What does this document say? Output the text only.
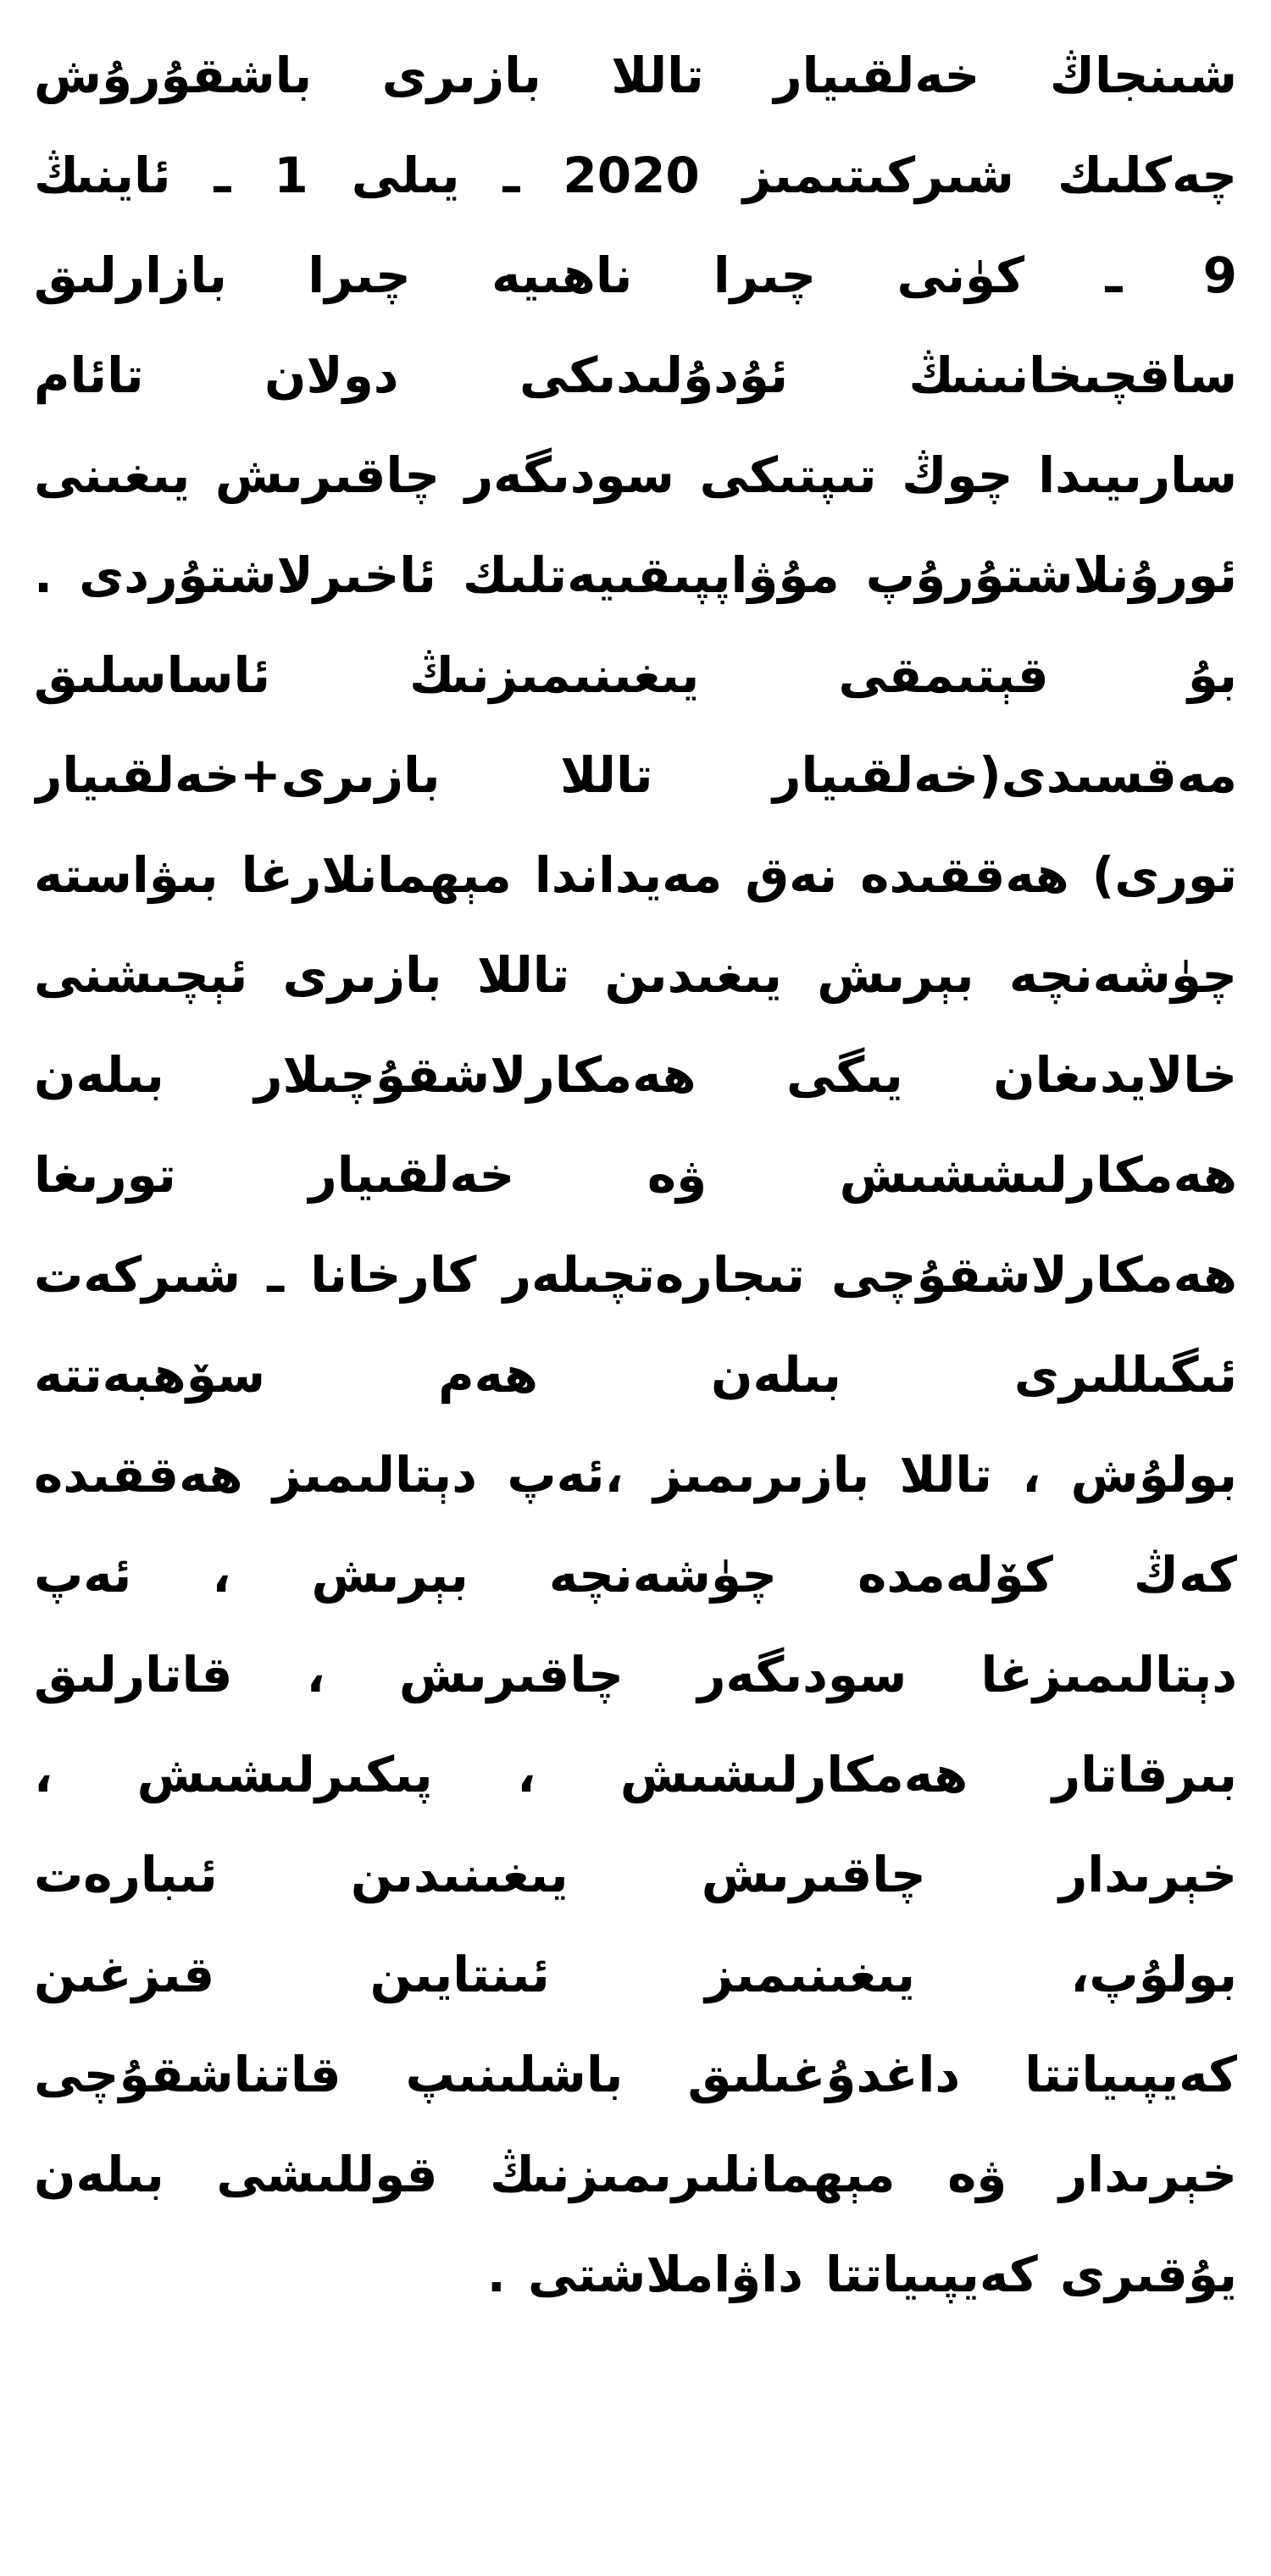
شىنجاڭ خەلقىيار تاللا بازىرى باشقۇرۇش
چەكلىك شىركىتىمىز 2020 ـ يىلى 1 ـ ئاينىڭ
9 ـ كۈنى چىرا ناھىيە چىرا بازارلىق
ساقچىخانىنىڭ ئۇدۇلىدىكى دولان تائام
سارىيىدا چوڭ تىپتىكى سودىگەر چاقىرىش يىغىنى
ئورۇنلاشتۇرۇپ مۇۋاپپىقىيەتلىك ئاخىرلاشتۇردى .
بۇ قېتىمقى يىغىنىمىزنىڭ ئاساسلىق
مەقسىدى(خەلقىيار تاللا بازىرى+خەلقىيار
تورى) ھەققىدە نەق مەيداندا مېھمانلارغا بىۋاستە
چۈشەنچە بېرىش يىغىدىن تاللا بازىرى ئېچىشنى
خالايدىغان يىگى ھەمكارلاشقۇچىلار بىلەن
ھەمكارلىششىش ۋە خەلقىيار تورىغا
ھەمكارلاشقۇچى تىجارەتچىلەر كارخانا ـ شىركەت
ئىگىللىرى بىلەن ھەم سۆھبەتتە
بولۇش ، تاللا بازىرىمىز ،ئەپ دېتالىمىز ھەققىدە
كەڭ كۆلەمدە چۈشەنچە بېرىش ، ئەپ
دېتالىمىزغا سودىگەر چاقىرىش ، قاتارلىق
بىرقاتار ھەمكارلىشىش ، پىكىرلىشىش ،
خېرىدار چاقىرىش يىغىنىدىن ئىبارەت
بولۇپ، يىغىنىمىز ئىنتايىن قىزغىن
كەيپىياتتا داغدۇغىلىق باشلىنىپ قاتناشقۇچى
خېرىدار ۋە مېھمانلىرىمىزنىڭ قوللىشى بىلەن
يۇقىرى كەيپىياتتا داۋاملاشتى .
